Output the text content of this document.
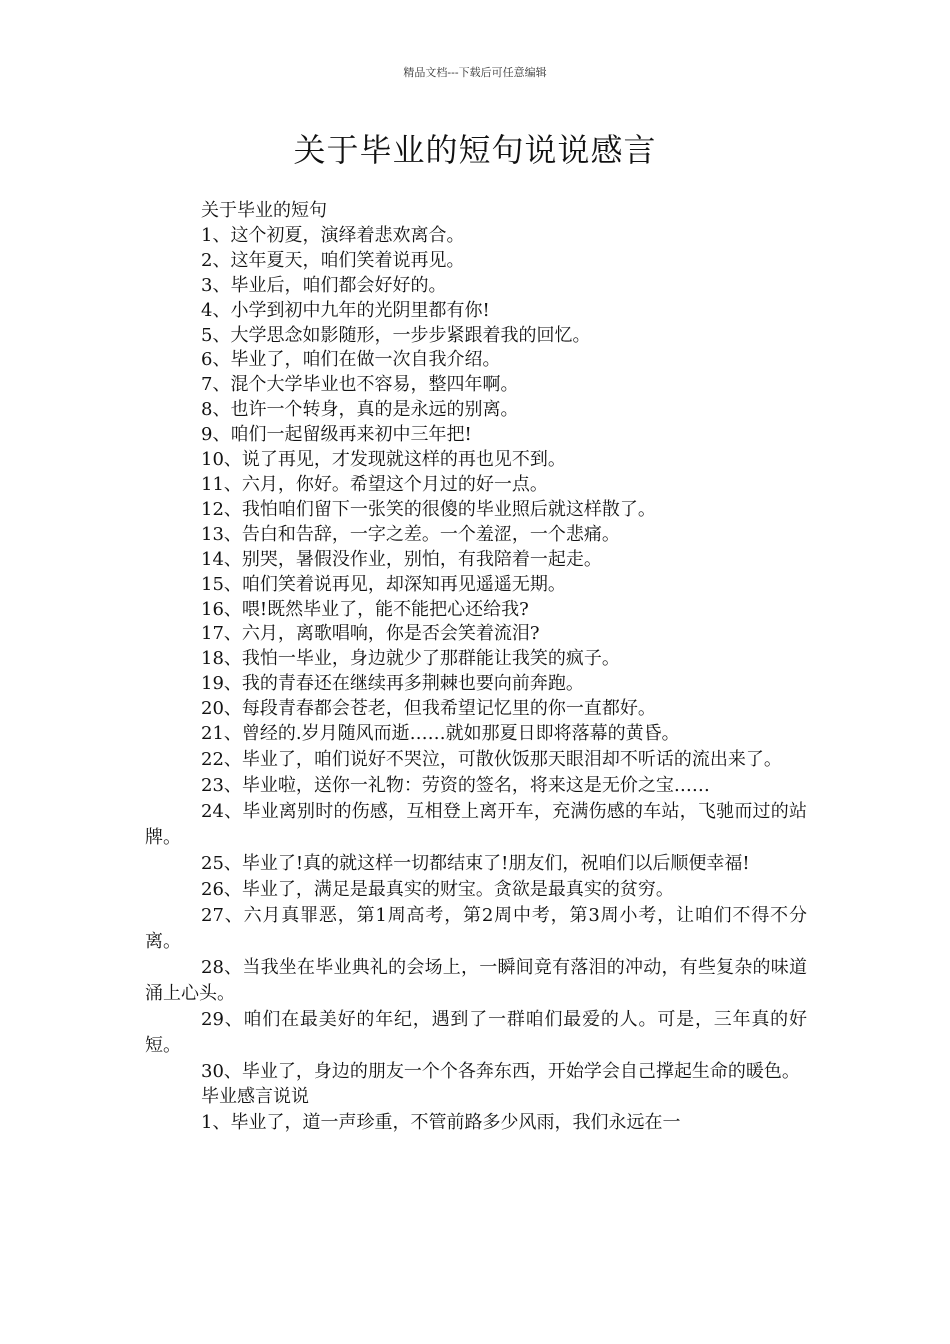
精品文档---下载后可任意编辑
关于毕业的短句说说感言

关于毕业的短句

1、这个初夏，演绎着悲欢离合。

2、这年夏天，咱们笑着说再见。

3、毕业后，咱们都会好好的。

4、小学到初中九年的光阴里都有你!

5、大学思念如影随形，一步步紧跟着我的回忆。

6、毕业了，咱们在做一次自我介绍。

7、混个大学毕业也不容易，整四年啊。

8、也许一个转身，真的是永远的别离。

9、咱们一起留级再来初中三年把!

10、说了再见，才发现就这样的再也见不到。

11、六月，你好。希望这个月过的好一点。

12、我怕咱们留下一张笑的很傻的毕业照后就这样散了。

13、告白和告辞，一字之差。一个羞涩，一个悲痛。

14、别哭，暑假没作业，别怕，有我陪着一起走。

15、咱们笑着说再见，却深知再见遥遥无期。

16、喂!既然毕业了，能不能把心还给我?

17、六月，离歌唱响，你是否会笑着流泪?

18、我怕一毕业，身边就少了那群能让我笑的疯子。

19、我的青春还在继续再多荆棘也要向前奔跑。

20、每段青春都会苍老，但我希望记忆里的你一直都好。

21、曾经的.岁月随风而逝……就如那夏日即将落幕的黄昏。

22、毕业了，咱们说好不哭泣，可散伙饭那天眼泪却不听话的流出来了。

23、毕业啦，送你一礼物：劳资的签名，将来这是无价之宝……

24、毕业离别时的伤感，互相登上离开车，充满伤感的车站，飞驰而过的站牌。

25、毕业了!真的就这样一切都结束了!朋友们，祝咱们以后顺便幸福!

26、毕业了，满足是最真实的财宝。贪欲是最真实的贫穷。

27、六月真罪恶，第1周高考，第2周中考，第3周小考，让咱们不得不分离。

28、当我坐在毕业典礼的会场上，一瞬间竟有落泪的冲动，有些复杂的味道涌上心头。

29、咱们在最美好的年纪，遇到了一群咱们最爱的人。可是，三年真的好短。

30、毕业了，身边的朋友一个个各奔东西，开始学会自己撑起生命的暖色。

毕业感言说说

1、毕业了，道一声珍重，不管前路多少风雨，我们永远在一
